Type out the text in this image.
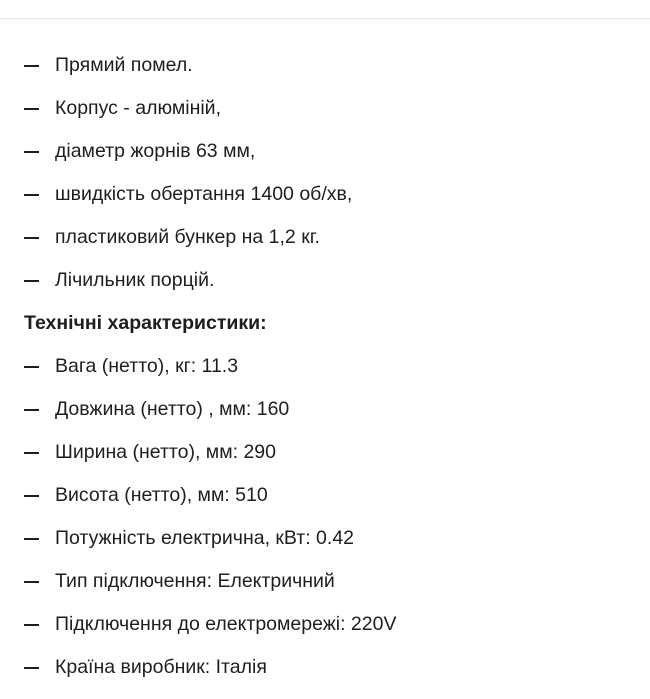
Прямий помел.
Корпус - алюміній,
діаметр жорнів 63 мм,
швидкість обертання 1400 об/хв,
пластиковий бункер на 1,2 кг.
Лічильник порцій.
Технічні характеристики:
Вага (нетто), кг: 11.3
Довжина (нетто) , мм: 160
Ширина (нетто), мм: 290
Висота (нетто), мм: 510
Потужність електрична, кВт: 0.42
Тип підключення: Електричний
Підключення до електромережі: 220V
Країна виробник: Італія
